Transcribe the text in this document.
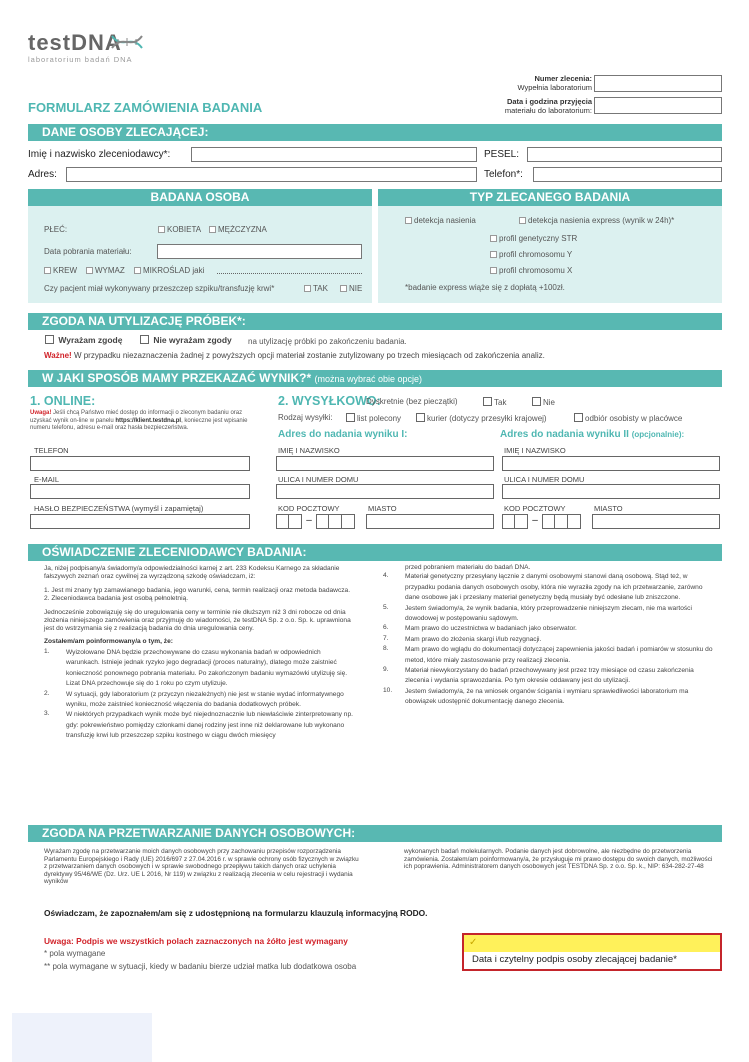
testDNA
laboratorium badań DNA
Numer zlecenia:
Wypełnia laboratorium
Data i godzina przyjęcia
materiału do laboratorium:
FORMULARZ ZAMÓWIENIA BADANIA
DANE OSOBY ZLECAJĄCEJ:
Imię i nazwisko zleceniodawcy*:	PESEL:
Adres:	Telefon*:
BADANA OSOBA	TYP ZLECANEGO BADANIA
PŁEĆ:	KOBIETA	MĘŻCZYZNA
Data pobrania materiału:
KREW	WYMAZ	MIKROŚLAD jaki
Czy pacjent miał wykonywany przeszczep szpiku/transfuzję krwi*	TAK	NIE
detekcja nasienia	detekcja nasienia express (wynik w 24h)*
profil genetyczny STR
profil chromosomu Y
profil chromosomu X
*badanie express wiąże się z dopłatą +100zł.
ZGODA NA UTYLIZACJĘ PRÓBEK*:
Wyrażam zgodę	Nie wyrażam zgody na utylizację próbki po zakończeniu badania.
Ważne! W przypadku niezaznaczenia żadnej z powyższych opcji materiał zostanie zutylizowany po trzech miesiącach od zakończenia analiz.
W JAKI SPOSÓB MAMY PRZEKAZAĆ WYNIK?* (można wybrać obie opcje)
1. ONLINE:
Uwaga! Jeśli chcą Państwo mieć dostęp do informacji o zleconym badaniu oraz uzyskać wynik on-line w panelu https://klient.testdna.pl, konieczne jest wpisanie numeru telefonu, adresu e-mail oraz hasła bezpieczeństwa.
TELEFON
E-MAIL
HASŁO BEZPIECZEŃSTWA (wymyśl i zapamiętaj)
2. WYSYŁKOWO:
Dyskretnie (bez pieczątki)	Tak	Nie
Rodzaj wysyłki:	list polecony	kurier (dotyczy przesyłki krajowej)	odbiór osobisty w placówce
Adres do nadania wyniku I:	Adres do nadania wyniku II (opcjonalnie):
IMIĘ I NAZWISKO
ULICA I NUMER DOMU
KOD POCZTOWY	MIASTO
–
IMIĘ I NAZWISKO
ULICA I NUMER DOMU
KOD POCZTOWY	MIASTO
–
OŚWIADCZENIE ZLECENIODAWCY BADANIA:
Ja, niżej podpisany/a świadomy/a odpowiedzialności karnej z art. 233 Kodeksu Karnego za składanie fałszywych zeznań oraz cywilnej za wyrządzoną szkodę oświadczam, iż:
1. Jest mi znany typ zamawianego badania, jego warunki, cena, termin realizacji oraz metoda badawcza.
2. Zleceniodawca badania jest osobą pełnoletnią.
Jednocześnie zobowiązuję się do uregulowania ceny w terminie nie dłuższym niż 3 dni robocze od dnia złożenia niniejszego zamówienia oraz przyjmuję do wiadomości, że testDNA Sp. z o.o. Sp. k. uprawniona jest do wstrzymania się z realizacją badania do dnia uregulowania ceny.
Zostałem/am poinformowany/a o tym, że:
1.	Wyizolowane DNA będzie przechowywane do czasu wykonania badań w odpowiednich warunkach. Istnieje jednak ryzyko jego degradacji (proces naturalny), dlatego może zaistnieć konieczność ponownego pobrania materiału. Po zakończonym badaniu wymazówki utylizuję się. Lizat DNA przechowuje się do 1 roku po czym utylizuje.
2.	W sytuacji, gdy laboratorium (z przyczyn niezależnych) nie jest w stanie wydać informatywnego wyniku, może zaistnieć konieczność włączenia do badania dodatkowych próbek.
3.	W niektórych przypadkach wynik może być niejednoznacznie lub niewłaściwie zinterpretowany np. gdy: pokrewieństwo pomiędzy członkami danej rodziny jest inne niż deklarowane lub wykonano transfuzję krwi lub przeszczep szpiku kostnego w ciągu dwóch miesięcy
przed pobraniem materiału do badań DNA.
4.	Materiał genetyczny przesyłany łącznie z danymi osobowymi stanowi daną osobową. Stąd też, w przypadku podania danych osobowych osoby, która nie wyraziła zgody na ich przetwarzanie, zarówno dane osobowe jak i przesłany materiał genetyczny będą musiały być odesłane lub zniszczone.
5.	Jestem świadomy/a, że wynik badania, który przeprowadzenie niniejszym zlecam, nie ma wartości dowodowej w postępowaniu sądowym.
6.	Mam prawo do uczestnictwa w badaniach jako obserwator.
7.	Mam prawo do złożenia skargi i/lub rezygnacji.
8.	Mam prawo do wglądu do dokumentacji dotyczącej zapewnienia jakości badań i pomiarów w stosunku do metod, które miały zastosowanie przy realizacji zlecenia.
9.	Materiał niewykorzystany do badań przechowywany jest przez trzy miesiące od czasu zakończenia zlecenia i wydania sprawozdania. Po tym okresie oddawany jest do utylizacji.
10.	Jestem świadomy/a, że na wniosek organów ścigania i wymiaru sprawiedliwości laboratorium ma obowiązek udostępnić dokumentację danego zlecenia.
ZGODA NA PRZETWARZANIE DANYCH OSOBOWYCH:
Wyrażam zgodę na przetwarzanie moich danych osobowych przy zachowaniu przepisów rozporządzenia Parlamentu Europejskiego i Rady (UE) 2016/697 z 27.04.2016 r. w sprawie ochrony osób fizycznych w związku z przetwarzaniem danych osobowych i w sprawie swobodnego przepływu takich danych oraz uchylenia dyrektywy 95/46/WE (Dz. Urz. UE L 2016, Nr 119) w związku z realizacją zlecenia w celu rejestracji i wydania wyników
wykonanych badań molekularnych. Podanie danych jest dobrowolne, ale niezbędne do przetworzenia zamówienia. Zostałem/am poinformowany/a, że przysługuje mi prawo dostępu do swoich danych, możliwości ich poprawienia. Administratorem danych osobowych jest TESTDNA Sp. z o.o. Sp. k., NIP: 634-282-27-48
Oświadczam, że zapoznałem/am się z udostępnioną na formularzu klauzulą informacyjną RODO.
Uwaga: Podpis we wszystkich polach zaznaczonych na żółto jest wymagany
* pola wymagane
** pola wymagane w sytuacji, kiedy w badaniu bierze udział matka lub dodatkowa osoba
✓
Data i czytelny podpis osoby zlecającej badanie*
